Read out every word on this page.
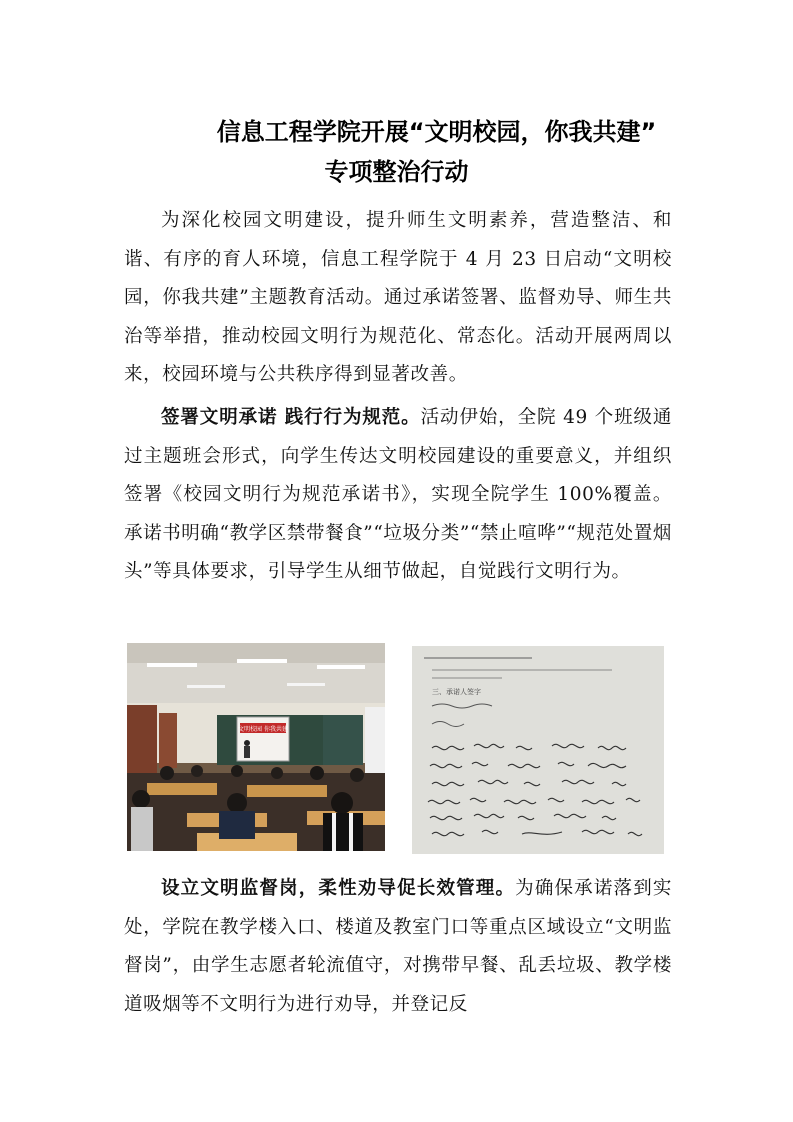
信息工程学院开展“文明校园，你我共建”
专项整治行动

为深化校园文明建设，提升师生文明素养，营造整洁、和谐、有序的育人环境，信息工程学院于 4 月 23 日启动“文明校园，你我共建”主题教育活动。通过承诺签署、监督劝导、师生共治等举措，推动校园文明行为规范化、常态化。活动开展两周以来，校园环境与公共秩序得到显著改善。

签署文明承诺 践行行为规范。活动伊始，全院 49 个班级通过主题班会形式，向学生传达文明校园建设的重要意义，并组织签署《校园文明行为规范承诺书》，实现全院学生 100%覆盖。承诺书明确“教学区禁带餐食”“垃圾分类”“禁止喧哗”“规范处置烟头”等具体要求，引导学生从细节做起，自觉践行文明行为。

文明校园 你我共建
三、承诺人签字

设立文明监督岗，柔性劝导促长效管理。为确保承诺落到实处，学院在教学楼入口、楼道及教室门口等重点区域设立“文明监督岗”，由学生志愿者轮流值守，对携带早餐、乱丢垃圾、教学楼道吸烟等不文明行为进行劝导，并登记反
